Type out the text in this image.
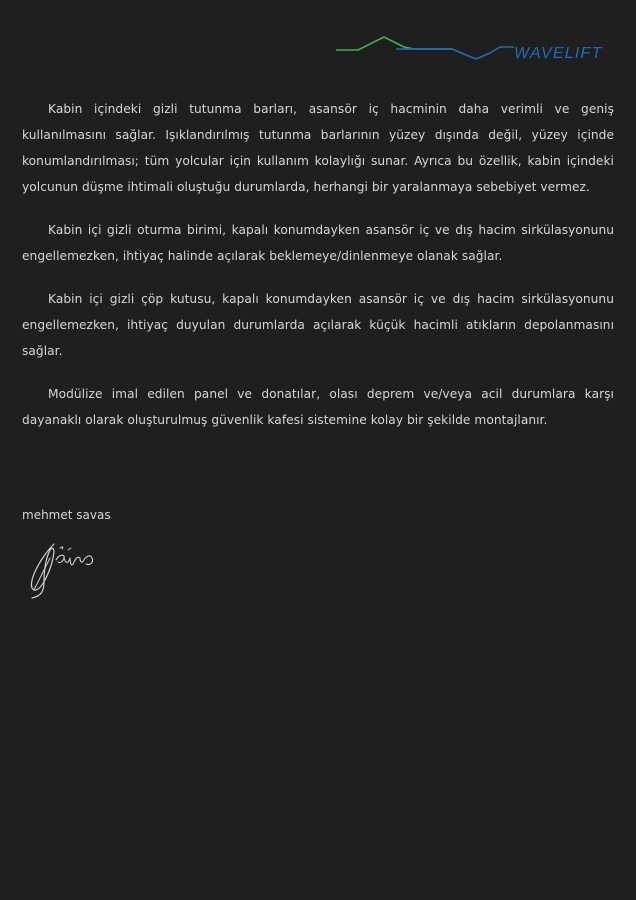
WAVELIFT

Kabin içindeki gizli tutunma barları, asansör iç hacminin daha verimli ve geniş kullanılmasını sağlar. Işıklandırılmış tutunma barlarının yüzey dışında değil, yüzey içinde konumlandırılması; tüm yolcular için kullanım kolaylığı sunar. Ayrıca bu özellik, kabin içindeki yolcunun düşme ihtimali oluştuğu durumlarda, herhangi bir yaralanmaya sebebiyet vermez.

Kabin içi gizli oturma birimi, kapalı konumdayken asansör iç ve dış hacim sirkülasyonunu engellemezken, ihtiyaç halinde açılarak beklemeye/dinlenmeye olanak sağlar.

Kabin içi gizli çöp kutusu, kapalı konumdayken asansör iç ve dış hacim sirkülasyonunu engellemezken, ihtiyaç duyulan durumlarda açılarak küçük hacimli atıkların depolanmasını sağlar.

Modülize imal edilen panel ve donatılar, olası deprem ve/veya acil durumlara karşı dayanaklı olarak oluşturulmuş güvenlik kafesi sistemine kolay bir şekilde montajlanır.

mehmet savas
